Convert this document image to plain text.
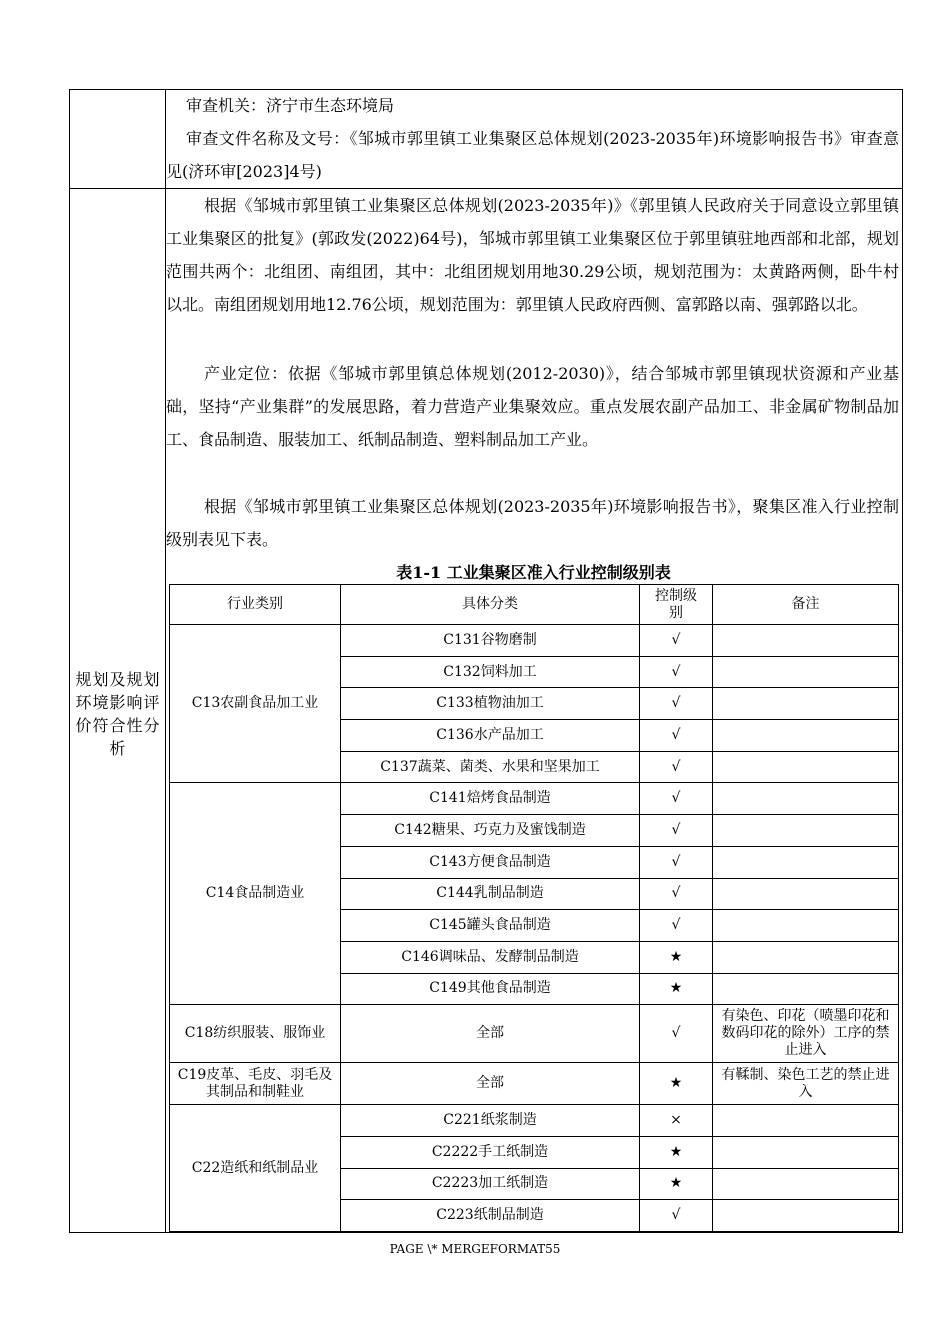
审查机关：济宁市生态环境局

审查文件名称及文号：《邹城市郭里镇工业集聚区总体规划(2023-2035年)环境影响报告书》审查意见(济环审[2023]4号)

规划及规划环境影响评价符合性分析

根据《邹城市郭里镇工业集聚区总体规划(2023-2035年)》《郭里镇人民政府关于同意设立郭里镇工业集聚区的批复》(郭政发(2022)64号)，邹城市郭里镇工业集聚区位于郭里镇驻地西部和北部，规划范围共两个：北组团、南组团，其中：北组团规划用地30.29公顷，规划范围为：太黄路两侧，卧牛村以北。南组团规划用地12.76公顷，规划范围为：郭里镇人民政府西侧、富郭路以南、强郭路以北。

产业定位：依据《邹城市郭里镇总体规划(2012-2030)》，结合邹城市郭里镇现状资源和产业基础，坚持“产业集群”的发展思路，着力营造产业集聚效应。重点发展农副产品加工、非金属矿物制品加工、食品制造、服装加工、纸制品制造、塑料制品加工产业。

根据《邹城市郭里镇工业集聚区总体规划(2023-2035年)环境影响报告书》，聚集区准入行业控制级别表见下表。

表1-1 工业集聚区准入行业控制级别表
行业类别	具体分类	控制级别	备注
C13农副食品加工业	C131谷物磨制	√	
	C132饲料加工	√	
	C133植物油加工	√	
	C136水产品加工	√	
	C137蔬菜、菌类、水果和坚果加工	√	
C14食品制造业	C141焙烤食品制造	√	
	C142糖果、巧克力及蜜饯制造	√	
	C143方便食品制造	√	
	C144乳制品制造	√	
	C145罐头食品制造	√	
	C146调味品、发酵制品制造	★	
	C149其他食品制造	★	
C18纺织服装、服饰业	全部	√	有染色、印花（喷墨印花和数码印花的除外）工序的禁止进入
C19皮革、毛皮、羽毛及其制品和制鞋业	全部	★	有鞣制、染色工艺的禁止进入
C22造纸和纸制品业	C221纸浆制造	×	
	C2222手工纸制造	★	
	C2223加工纸制造	★	
	C223纸制品制造	√	
PAGE \* MERGEFORMAT55
